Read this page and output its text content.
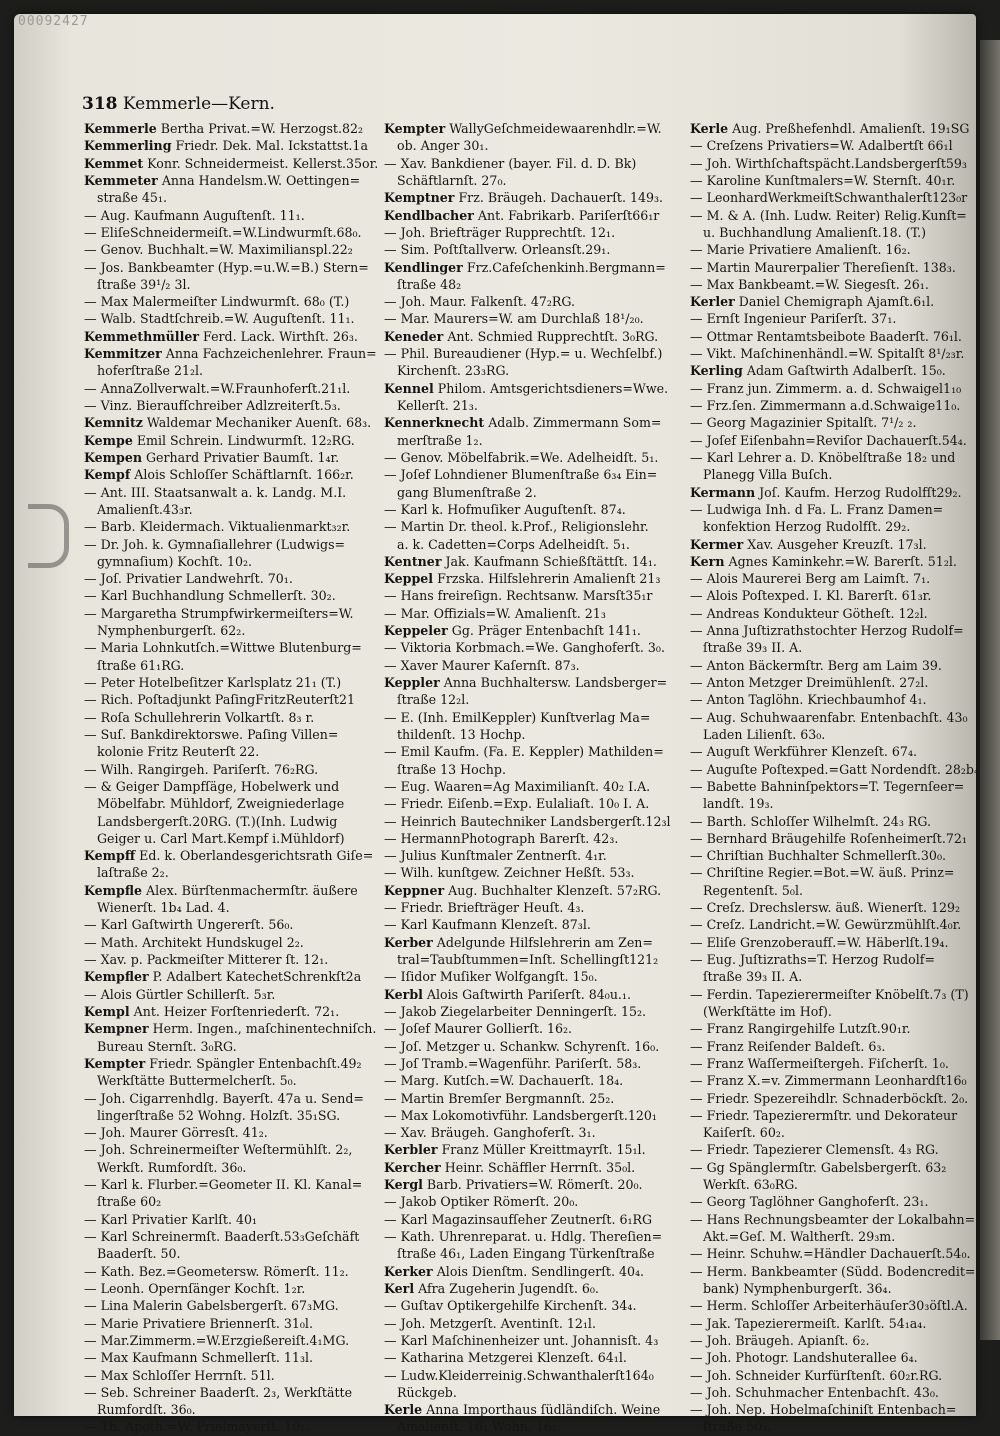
00092427
318 Kemmerle—Kern.
Kemmerle Bertha Privat.=W. Herzogst.82₂
Kemmerling Friedr. Dek. Mal. Ickstattst.1a
Kemmet Konr. Schneidermeist. Kellerst.35or.
Kemmeter Anna Handelsm.W. Oettingen=
straße 45₁.
— Aug. Kaufmann Auguſtenſt. 11₁.
— EliſeSchneidermeiſt.=W.Lindwurmſt.68₀.
— Genov. Buchhalt.=W. Maximilianspl.22₂
— Jos. Bankbeamter (Hyp.=u.W.=B.) Stern=
ſtraße 39¹/₂ 3l.
— Max Malermeiſter Lindwurmſt. 68₀ (T.)
— Walb. Stadtſchreib.=W. Auguſtenſt. 11₁.
Kemmethmüller Ferd. Lack. Wirthſt. 26₃.
Kemmitzer Anna Fachzeichenlehrer. Fraun=
hoferſtraße 21₂l.
— AnnaZollverwalt.=W.Fraunhoferſt.21₁l.
— Vinz. Bieraufſchreiber Adlzreiterſt.5₃.
Kemnitz Waldemar Mechaniker Auenſt. 68₃.
Kempe Emil Schrein. Lindwurmſt. 12₂RG.
Kempen Gerhard Privatier Baumſt. 1₄r.
Kempf Alois Schloſſer Schäftlarnſt. 166₂r.
— Ant. III. Staatsanwalt a. k. Landg. M.I.
Amalienſt.43₃r.
— Barb. Kleidermach. Viktualienmarkt₃₂r.
— Dr. Joh. k. Gymnaſiallehrer (Ludwigs=
gymnaſium) Kochſt. 10₂.
— Joſ. Privatier Landwehrſt. 70₁.
— Karl Buchhandlung Schmellerſt. 30₂.
— Margaretha Strumpfwirkermeiſters=W.
Nymphenburgerſt. 62₂.
— Maria Lohnkutſch.=Wittwe Blutenburg=
ſtraße 61₁RG.
— Peter Hotelbeſitzer Karlsplatz 21₁ (T.)
— Rich. Poſtadjunkt PaſingFritzReuterſt21
— Roſa Schullehrerin Volkartſt. 8₃ r.
— Suſ. Bankdirektorswe. Paſing Villen=
kolonie Fritz Reuterſt 22.
— Wilh. Rangirgeh. Pariſerſt. 76₂RG.
— & Geiger Dampfſäge, Hobelwerk und
Möbelfabr. Mühldorf, Zweigniederlage
Landsbergerſt.20RG. (T.)(Inh. Ludwig
Geiger u. Carl Mart.Kempf i.Mühldorf)
Kempff Ed. k. Oberlandesgerichtsrath Giſe=
laſtraße 2₂.
Kempfle Alex. Bürſtenmachermſtr. äußere
Wienerſt. 1b₄ Lad. 4.
— Karl Gaſtwirth Ungererſt. 56₀.
— Math. Architekt Hundskugel 2₂.
— Xav. p. Packmeiſter Mitterer ſt. 12₁.
Kempfler P. Adalbert KatechetSchrenkſt2a
— Alois Gürtler Schillerſt. 5₃r.
Kempl Ant. Heizer Forſtenriederſt. 72₁.
Kempner Herm. Ingen., maſchinentechniſch.
Bureau Sternſt. 3₀RG.
Kempter Friedr. Spängler Entenbachſt.49₂
Werkſtätte Buttermelcherſt. 5₀.
— Joh. Cigarrenhdlg. Bayerſt. 47a u. Send=
lingerſtraße 52 Wohng. Holzſt. 35₁SG.
— Joh. Maurer Görresſt. 41₂.
— Joh. Schreinermeiſter Weſtermühlſt. 2₂,
Werkſt. Rumfordſt. 36₀.
— Karl k. Flurber.=Geometer II. Kl. Kanal=
ſtraße 60₂
— Karl Privatier Karlſt. 40₁
— Karl Schreinermſt. Baaderſt.53₃Geſchäft
Baaderſt. 50.
— Kath. Bez.=Geometersw. Römerſt. 11₂.
— Leonh. Opernſänger Kochſt. 1₂r.
— Lina Malerin Gabelsbergerſt. 67₃MG.
— Marie Privatiere Briennerſt. 31₀l.
— Mar.Zimmerm.=W.Erzgießereiſt.4₁MG.
— Max Kaufmann Schmellerſt. 11₃l.
— Max Schloſſer Herrnſt. 51l.
— Seb. Schreiner Baaderſt. 2₃, Werkſtätte
Rumfordſt. 36₀.
— Th. Apoth.=W. Prielmayerſt. 10₁.
Kempter WallyGeſchmeidewaarenhdlr.=W.
ob. Anger 30₁.
— Xav. Bankdiener (bayer. Fil. d. D. Bk)
Schäftlarnſt. 27₀.
Kemptner Frz. Bräugeh. Dachauerſt. 149₃.
Kendlbacher Ant. Fabrikarb. Pariſerſt66₁r
— Joh. Briefträger Rupprechtſt. 12₁.
— Sim. Poſtſtallverw. Orleansſt.29₁.
Kendlinger Frz.Cafeſchenkinh.Bergmann=
ſtraße 48₂
— Joh. Maur. Falkenſt. 47₂RG.
— Mar. Maurers=W. am Durchlaß 18¹/₂₀.
Keneder Ant. Schmied Rupprechtſt. 3₀RG.
— Phil. Bureaudiener (Hyp.= u. Wechſelbf.)
Kirchenſt. 23₃RG.
Kennel Philom. Amtsgerichtsdieners=Wwe.
Kellerſt. 21₃.
Kennerknecht Adalb. Zimmermann Som=
merſtraße 1₂.
— Genov. Möbelfabrik.=We. Adelheidſt. 5₁.
— Joſef Lohndiener Blumenſtraße 6₃₄ Ein=
gang Blumenſtraße 2.
— Karl k. Hofmuſiker Auguſtenſt. 87₄.
— Martin Dr. theol. k.Prof., Religionslehr.
a. k. Cadetten=Corps Adelheidſt. 5₁.
Kentner Jak. Kaufmann Schießſtättſt. 14₁.
Keppel Frzska. Hilfslehrerin Amalienſt 21₃
— Hans freireſign. Rechtsanw. Marsſt35₁r
— Mar. Offizials=W. Amalienſt. 21₃
Keppeler Gg. Präger Entenbachſt 141₁.
— Viktoria Korbmach.=We. Ganghoferſt. 3₀.
— Xaver Maurer Kaſernſt. 87₃.
Keppler Anna Buchhaltersw. Landsberger=
ſtraße 12₂l.
— E. (Inh. EmilKeppler) Kunſtverlag Ma=
thildenſt. 13 Hochp.
— Emil Kaufm. (Fa. E. Keppler) Mathilden=
ſtraße 13 Hochp.
— Eug. Waaren=Ag Maximilianſt. 40₂ I.A.
— Friedr. Eiſenb.=Exp. Eulaliaſt. 10₀ I. A.
— Heinrich Bautechniker Landsbergerſt.12₃l
— HermannPhotograph Barerſt. 42₃.
— Julius Kunſtmaler Zentnerſt. 4₁r.
— Wilh. kunſtgew. Zeichner Heßſt. 53₃.
Keppner Aug. Buchhalter Klenzeſt. 57₂RG.
— Friedr. Briefträger Heuſt. 4₃.
— Karl Kaufmann Klenzeſt. 87₃l.
Kerber Adelgunde Hilfslehrerin am Zen=
tral=Taubſtummen=Inſt. Schellingſt121₂
— Iſidor Muſiker Wolfgangſt. 15₀.
Kerbl Alois Gaſtwirth Pariſerſt. 84₀u.₁.
— Jakob Ziegelarbeiter Denningerſt. 15₂.
— Joſef Maurer Gollierſt. 16₂.
— Joſ. Metzger u. Schankw. Schyrenſt. 16₀.
— Joſ Tramb.=Wagenführ. Pariſerſt. 58₃.
— Marg. Kutſch.=W. Dachauerſt. 18₄.
— Martin Bremſer Bergmannſt. 25₂.
— Max Lokomotivführ. Landsbergerſt.120₁
— Xav. Bräugeh. Ganghoferſt. 3₁.
Kerbler Franz Müller Kreittmayrſt. 15₁l.
Kercher Heinr. Schäffler Herrnſt. 35₀l.
Kergl Barb. Privatiers=W. Römerſt. 20₀.
— Jakob Optiker Römerſt. 20₀.
— Karl Magazinsaufſeher Zeutnerſt. 6₁RG
— Kath. Uhrenreparat. u. Hdlg. Thereſien=
ſtraße 46₁, Laden Eingang Türkenſtraße
Kerker Alois Dienſtm. Sendlingerſt. 40₄.
Kerl Afra Zugeherin Jugendſt. 6₀.
— Guſtav Optikergehilfe Kirchenſt. 34₄.
— Joh. Metzgerſt. Aventinſt. 12₁l.
— Karl Maſchinenheizer unt. Johannisſt. 4₃
— Katharina Metzgerei Klenzeſt. 64₁l.
— Ludw.Kleiderreinig.Schwanthalerſt164₀
Rückgeb.
Kerle Anna Importhaus ſüdländiſch. Weine
Amalienſt. 16₁ Wohn. 16₂.
Kerle Aug. Preßhefenhdl. Amalienſt. 19₁SG
— Creſzens Privatiers=W. Adalbertſt 66₁l
— Joh. Wirthſchaftspächt.Landsbergerſt59₃
— Karoline Kunſtmalers=W. Sternſt. 40₁r.
— LeonhardWerkmeiſtSchwanthalerſt123₀r
— M. & A. (Inh. Ludw. Reiter) Relig.Kunſt=
u. Buchhandlung Amalienſt.18. (T.)
— Marie Privatiere Amalienſt. 16₂.
— Martin Maurerpalier Thereſienſt. 138₃.
— Max Bankbeamt.=W. Siegesſt. 26₁.
Kerler Daniel Chemigraph Ajamſt.6₁l.
— Ernſt Ingenieur Pariſerſt. 37₁.
— Ottmar Rentamtsbeibote Baaderſt. 76₁l.
— Vikt. Maſchinenhändl.=W. Spitalſt 8¹/₂₃r.
Kerling Adam Gaſtwirth Adalberſt. 15₀.
— Franz jun. Zimmerm. a. d. Schwaigel1₁₀
— Frz.ſen. Zimmermann a.d.Schwaige11₀.
— Georg Magazinier Spitalſt. 7¹/₂ ₂.
— Joſef Eiſenbahn=Reviſor Dachauerſt.54₄.
— Karl Lehrer a. D. Knöbelſtraße 18₂ und
Planegg Villa Buſch.
Kermann Joſ. Kaufm. Herzog Rudolfſt29₂.
— Ludwiga Inh. d Fa. L. Franz Damen=
konfektion Herzog Rudolfſt. 29₂.
Kermer Xav. Ausgeher Kreuzſt. 17₃l.
Kern Agnes Kaminkehr.=W. Barerſt. 51₂l.
— Alois Maurerei Berg am Laimſt. 7₁.
— Alois Poſtexped. I. Kl. Barerſt. 61₃r.
— Andreas Kondukteur Götheſt. 12₂l.
— Anna Juſtizrathstochter Herzog Rudolf=
ſtraße 39₃ II. A.
— Anton Bäckermſtr. Berg am Laim 39.
— Anton Metzger Dreimühlenſt. 27₂l.
— Anton Taglöhn. Kriechbaumhof 4₁.
— Aug. Schuhwaarenfabr. Entenbachſt. 43₀
Laden Lilienſt. 63₀.
— Auguſt Werkführer Klenzeſt. 67₄.
— Auguſte Poſtexped.=Gatt Nordendſt. 28₂b₄
— Babette Bahninſpektors=T. Tegernſeer=
landſt. 19₃.
— Barth. Schloſſer Wilhelmſt. 24₃ RG.
— Bernhard Bräugehilfe Roſenheimerſt.72₁
— Chriſtian Buchhalter Schmellerſt.30₀.
— Chriſtine Regier.=Bot.=W. äuß. Prinz=
Regentenſt. 5₀l.
— Creſz. Drechslersw. äuß. Wienerſt. 129₂
— Creſz. Landricht.=W. Gewürzmühlſt.4₀r.
— Eliſe Grenzoberaufſ.=W. Häberlſt.19₄.
— Eug. Juſtizraths=T. Herzog Rudolf=
ſtraße 39₃ II. A.
— Ferdin. Tapezierermeiſter Knöbelſt.7₃ (T)
(Werkſtätte im Hof).
— Franz Rangirgehilfe Lutzſt.90₁r.
— Franz Reiſender Baldeſt. 6₃.
— Franz Waſſermeiſtergeh. Fiſcherſt. 1₀.
— Franz X.=v. Zimmermann Leonhardſt16₀
— Friedr. Spezereihdlr. Schnaderböckſt. 2₀.
— Friedr. Tapezierermſtr. und Dekorateur
Kaiſerſt. 60₂.
— Friedr. Tapezierer Clemensſt. 4₃ RG.
— Gg Spänglermſtr. Gabelsbergerſt. 63₂
Werkſt. 63₀RG.
— Georg Taglöhner Ganghoferſt. 23₁.
— Hans Rechnungsbeamter der Lokalbahn=
Akt.=Geſ. M. Waltherſt. 29₃m.
— Heinr. Schuhw.=Händler Dachauerſt.54₀.
— Herm. Bankbeamter (Südd. Bodencredit=
bank) Nymphenburgerſt. 36₄.
— Herm. Schloſſer Arbeiterhäuſer30₃öſtl.A.
— Jak. Tapezierermeiſt. Karlſt. 54₁a₄.
— Joh. Bräugeh. Apianſt. 6₂.
— Joh. Photogr. Landshuterallee 6₄.
— Joh. Schneider Kurfürſtenſt. 60₂r.RG.
— Joh. Schuhmacher Entenbachſt. 43₀.
— Joh. Nep. Hobelmaſchiniſt Entenbach=
ſtraße 50₃.
